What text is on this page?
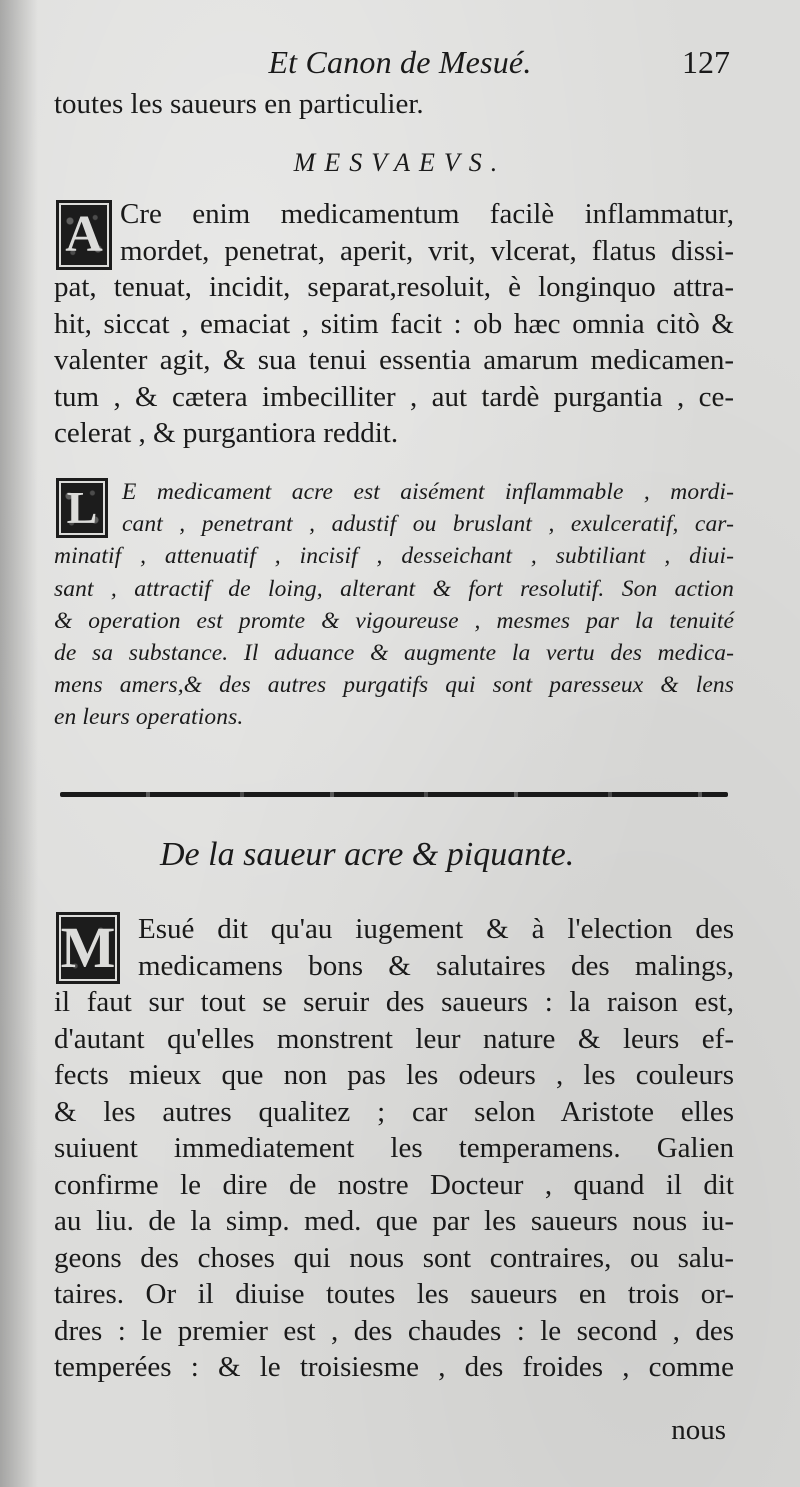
Et Canon de Mesué.	127
toutes les saueurs en particulier.
MESVAEVS.
A Cre enim medicamentum facilè inflammatur,
mordet, penetrat, aperit, vrit, vlcerat, flatus dissi-
pat, tenuat, incidit, separat,resoluit, è longinquo attra-
hit, siccat , emaciat , sitim facit : ob hæc omnia citò &
valenter agit, & sua tenui essentia amarum medicamen-
tum , & cætera imbecilliter , aut tardè purgantia , ce-
celerat , & purgantiora reddit.
L	E medicament acre est aisément inflammable , mordi-
cant , penetrant , adustif ou bruslant , exulceratif, car-
minatif , attenuatif , incisif , desseichant , subtiliant , diui-
sant , attractif de loing, alterant & fort resolutif. Son action
& operation est promte & vigoureuse , mesmes par la tenuité
de sa substance. Il aduance & augmente la vertu des medica-
mens amers,& des autres purgatifs qui sont paresseux & lens
en leurs operations.
De la saueur acre & piquante.
M Esué dit qu'au iugement & à l'election des
medicamens bons & salutaires des malings,
il faut sur tout se seruir des saueurs : la raison est,
d'autant qu'elles monstrent leur nature & leurs ef-
fects mieux que non pas les odeurs , les couleurs
& les autres qualitez ; car selon Aristote elles
suiuent immediatement les temperamens. Galien
confirme le dire de nostre Docteur , quand il dit
au liu. de la simp. med. que par les saueurs nous iu-
geons des choses qui nous sont contraires, ou salu-
taires. Or il diuise toutes les saueurs en trois or-
dres : le premier est , des chaudes : le second , des
temperées : & le troisiesme , des froides , comme
nous
